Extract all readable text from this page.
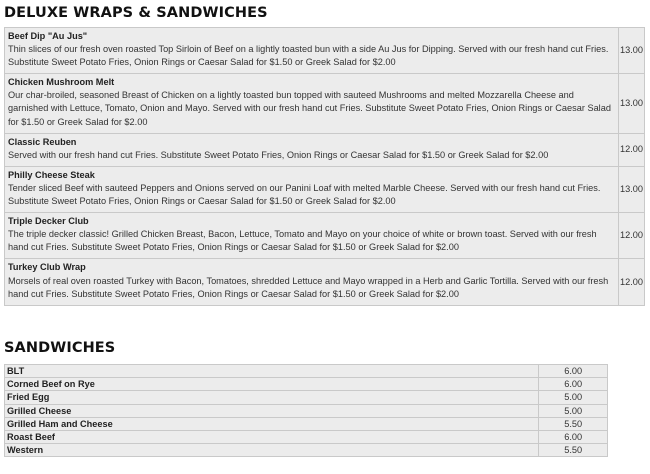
DELUXE WRAPS & SANDWICHES
Beef Dip "Au Jus"
Thin slices of our fresh oven roasted Top Sirloin of Beef on a lightly toasted bun with a side Au Jus for Dipping. Served with our fresh hand cut Fries. Substitute Sweet Potato Fries, Onion Rings or Caesar Salad for $1.50 or Greek Salad for $2.00	13.00

Chicken Mushroom Melt
Our char-broiled, seasoned Breast of Chicken on a lightly toasted bun topped with sauteed Mushrooms and melted Mozzarella Cheese and garnished with Lettuce, Tomato, Onion and Mayo. Served with our fresh hand cut Fries. Substitute Sweet Potato Fries, Onion Rings or Caesar Salad for $1.50 or Greek Salad for $2.00	13.00

Classic Reuben
Served with our fresh hand cut Fries. Substitute Sweet Potato Fries, Onion Rings or Caesar Salad for $1.50 or Greek Salad for $2.00	12.00

Philly Cheese Steak
Tender sliced Beef with sauteed Peppers and Onions served on our Panini Loaf with melted Marble Cheese. Served with our fresh hand cut Fries. Substitute Sweet Potato Fries, Onion Rings or Caesar Salad for $1.50 or Greek Salad for $2.00	13.00

Triple Decker Club
The triple decker classic! Grilled Chicken Breast, Bacon, Lettuce, Tomato and Mayo on your choice of white or brown toast. Served with our fresh hand cut Fries. Substitute Sweet Potato Fries, Onion Rings or Caesar Salad for $1.50 or Greek Salad for $2.00	12.00

Turkey Club Wrap
Morsels of real oven roasted Turkey with Bacon, Tomatoes, shredded Lettuce and Mayo wrapped in a Herb and Garlic Tortilla. Served with our fresh hand cut Fries. Substitute Sweet Potato Fries, Onion Rings or Caesar Salad for $1.50 or Greek Salad for $2.00	12.00
SANDWICHES
BLT	6.00
Corned Beef on Rye	6.00
Fried Egg	5.00
Grilled Cheese	5.00
Grilled Ham and Cheese	5.50
Roast Beef	6.00
Western	5.50
